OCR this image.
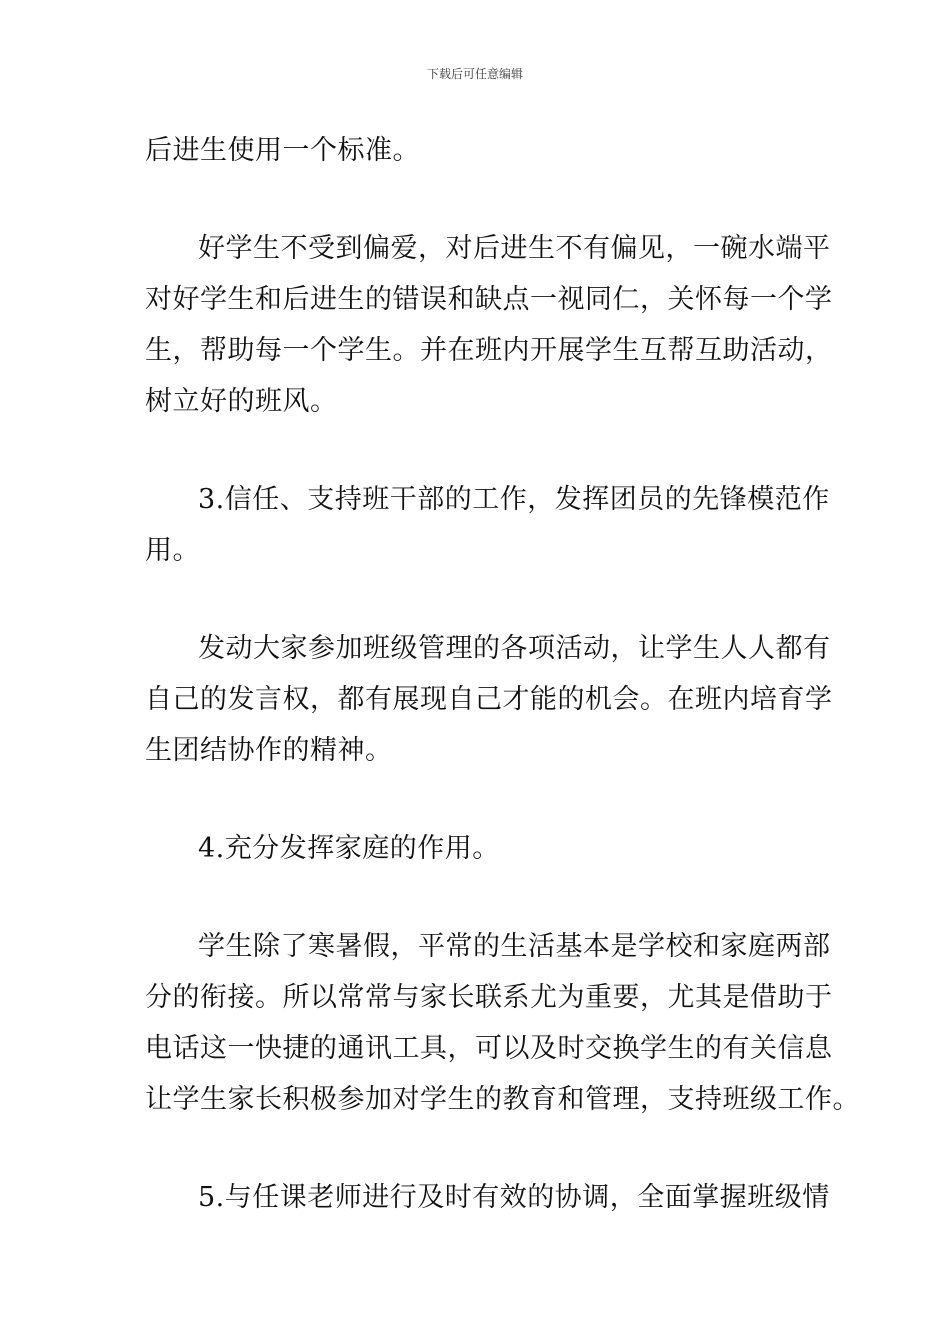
下载后可任意编辑
后进生使用一个标准。
好学生不受到偏爱，对后进生不有偏见，一碗水端平
对好学生和后进生的错误和缺点一视同仁，关怀每一个学
生，帮助每一个学生。并在班内开展学生互帮互助活动，
树立好的班风。
3.信任、支持班干部的工作，发挥团员的先锋模范作
用。
发动大家参加班级管理的各项活动，让学生人人都有
自己的发言权，都有展现自己才能的机会。在班内培育学
生团结协作的精神。
4.充分发挥家庭的作用。
学生除了寒暑假，平常的生活基本是学校和家庭两部
分的衔接。所以常常与家长联系尤为重要，尤其是借助于
电话这一快捷的通讯工具，可以及时交换学生的有关信息
让学生家长积极参加对学生的教育和管理，支持班级工作。
5.与任课老师进行及时有效的协调，全面掌握班级情
